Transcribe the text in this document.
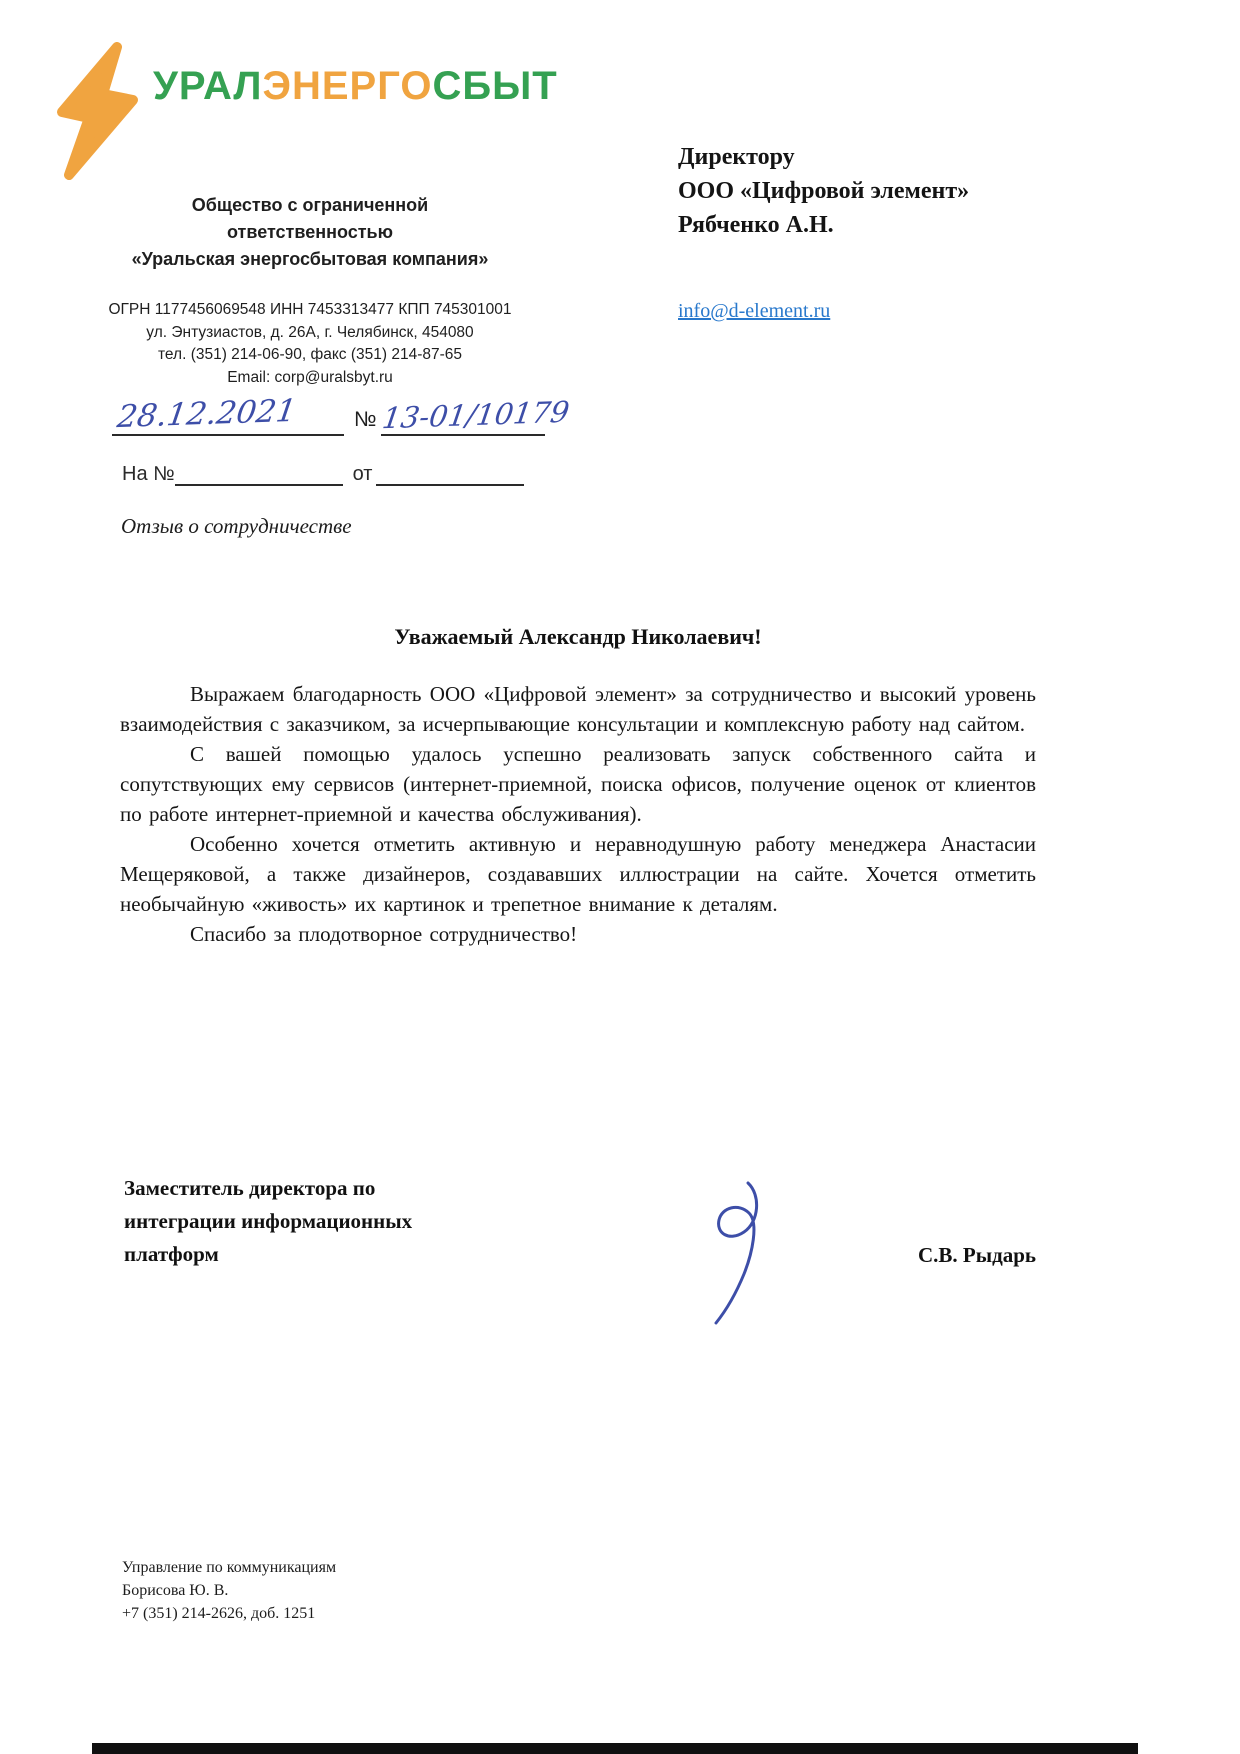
УРАЛЭНЕРГОСБЫТ
Общество с ограниченной
ответственностью
«Уральская энергосбытовая компания»
ОГРН 1177456069548 ИНН 7453313477 КПП 745301001
ул. Энтузиастов, д. 26А, г. Челябинск, 454080
тел. (351) 214-06-90, факс (351) 214-87-65
Email: corp@uralsbyt.ru
28.12.2021	№ 13-01/10179
На №	от
Директору
ООО «Цифровой элемент»
Рябченко А.Н.
info@d-element.ru
Отзыв о сотрудничестве
Уважаемый Александр Николаевич!

Выражаем благодарность ООО «Цифровой элемент» за сотрудничество и высокий уровень взаимодействия с заказчиком, за исчерпывающие консультации и комплексную работу над сайтом.

С вашей помощью удалось успешно реализовать запуск собственного сайта и сопутствующих ему сервисов (интернет-приемной, поиска офисов, получение оценок от клиентов по работе интернет-приемной и качества обслуживания).

Особенно хочется отметить активную и неравнодушную работу менеджера Анастасии Мещеряковой, а также дизайнеров, создававших иллюстрации на сайте. Хочется отметить необычайную «живость» их картинок и трепетное внимание к деталям.

Спасибо за плодотворное сотрудничество!

Заместитель директора по
интеграции информационных
платформ	С.В. Рыдарь
Управление по коммуникациям
Борисова Ю. В.
+7 (351) 214-2626, доб. 1251
